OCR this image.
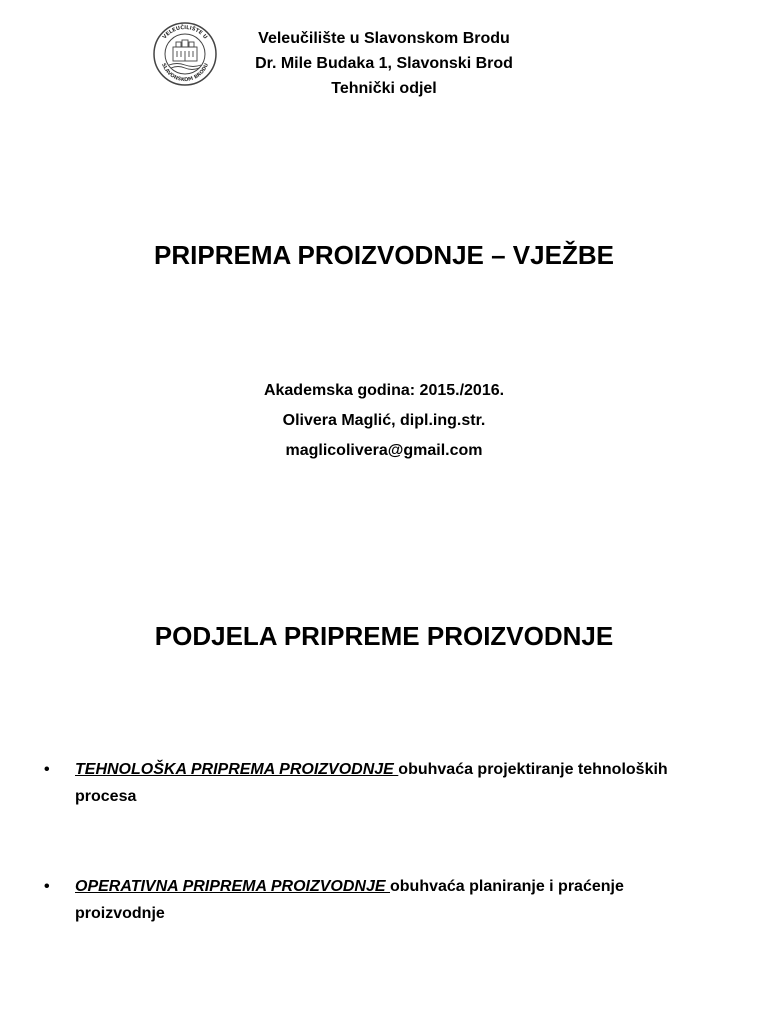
VELEUČILIŠTE U
SLAVONSKOM BRODU
Veleučilište u Slavonskom Brodu
Dr. Mile Budaka 1, Slavonski Brod
Tehnički odjel
PRIPREMA PROIZVODNJE – VJEŽBE
Akademska godina: 2015./2016.
Olivera Maglić, dipl.ing.str.
maglicolivera@gmail.com
PODJELA PRIPREME PROIZVODNJE
• TEHNOLOŠKA PRIPREMA PROIZVODNJE obuhvaća projektiranje tehnoloških procesa
• OPERATIVNA PRIPREMA PROIZVODNJE obuhvaća planiranje i praćenje proizvodnje
